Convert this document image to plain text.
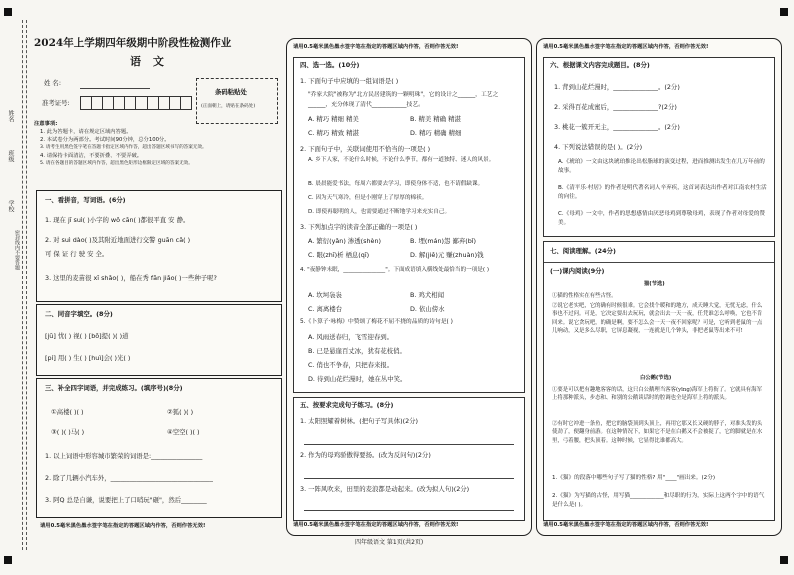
姓名
班级
学校
密封线内不要答题
2024年上学期四年级期中阶段性检测作业
语 文
姓 名:
准考证号:
条码粘贴处
(正面朝上，请贴在条码处)
注意事项:
1. 此为答题卡，请在规定区域内答题。
2. 本试卷分为两部分。考试时间90分钟，总分100分。
3. 请考生用黑色签字笔在答题卡指定区域内作答，超出答题区域书写的答案无效。
4. 请保持卡面清洁，不要折叠、不要弄破。
5. 请在各题目的答题区域内作答，超出黑色矩形边框限定区域的答案无效。
一、看拼音，写词语。(6分)
1. 现在 jī suì( )小字的 wō cān( )都很平直 安 静。
2. 对 suì dào( )及其附近地面进行交警 guān cǎ( )
可 保 证 行 驶 安 全。
3. 这里的麦苗很 xī shǎo( )，船在秀 fān jiǎo( )一些种子呢?
二、同音字填空。(8分)
[jū] 忧( ) 视( ) [bō]提( )( )道
[pí] 用( ) 生( ) [huì]会( )光( )
三、补全四字词语，并完成练习。(填序号)(8分)
①高楼( )( )	②狐( )( )
③( )( )马( )	④空空( )( )
1. 以上词语中形容城市繁荣的词语是:________________
2. 除了几辆小汽车外，________________________________
3. 阿Q 总是自谦，说要把上了口哨玩"砸"，然后________
请用0.5毫米黑色墨水签字笔在指定的答题区域内作答，否则作答无效!
请用0.5毫米黑色墨水签字笔在指定的答题区域内作答，否则作答无效!
四、选一选。(10分)
1. 下面句子中应填的一组词语是( )
"乔家大院"被称为"北方民居建筑的一颗明珠"，它的设计之______，工艺之______，充分体现了清代____________技艺。
A. 精巧 精细 精美	B. 精美 精确 精湛
C. 精巧 精致 精湛	D. 精巧 精确 精细
2. 下面句子中，关联词使用不恰当的一项是( )
A. 乡下人家，不论什么时候，不论什么季节，都有一道独特、迷人的风景。
B. 晨晨能爱书法，每周六都要去学习，即使身体不适，也不请假缺课。
C. 因为天气寒冷，但是小刚穿上了厚厚的棉袄。
D. 即使再聪明的人，也需要通过不断地学习来充实自己。
3. 下列加点字的读音全部正确的一项是( )
A. 繁衍(yǎn) 渗透(shèn)	B. 埋(mán)怨 鄙弃(bǐ)
C. 眼(zhī)析 栖息(qī)	D. 解(jiě)元 赚(zhuàn)钱
4. "夜静钟未眠，_______________"。下面成语填入横线处最恰当的一项是( )
A. 坎坷袅袅	B. 鸡犬相闻
C. 离离楼台	D. 依山傍水
5.《卜算子·咏梅》中赞颂了梅花不屈不挠的品质的诗句是( )
A. 风雨送春归，飞雪迎春到。
B. 已是悬崖百丈冰，犹有花枝俏。
C. 俏也不争春，只把春来报。
D. 待到山花烂漫时，她在丛中笑。
五、按要求完成句子练习。(8分)
1. 太阳照耀着树林。(把句子写具体)(2分)
2. 作为的母鸡骄傲得要扬。(改为反问句)(2分)
3. 一阵风吹来，田里的麦浪都是动起来。(改为拟人句)(2分)
请用0.5毫米黑色墨水签字笔在指定的答题区域内作答，否则作答无效!
请用0.5毫米黑色墨水签字笔在指定的答题区域内作答，否则作答无效!
六、根据课文内容完成题目。(8分)
1. 背到山花烂漫时，______________。(2分)
2. 采得百花成蜜后，______________?(2分)
3. 桃花一簇开无主，______________。(2分)
4. 下列说法错误的是( )。(2分)
A.《琥珀》一文由这块琥珀推论出松脂球的演变过程，进而推测出发生在几万年前的故事。
B.《清平乐·村居》的作者是明代著名词人辛弃疾，这首词表达出作者对江南农村生活的向往。
C.《母鸡》一文中，作者的思想感情由厌恶母鸡到尊敬母鸡，表现了作者对母爱的赞美。
七、阅读理解。(24分)
(一)课内阅读(9分)
猫(节选)
①猫的性格实在有些古怪。
②说它老实吧，它的确有时候很乖。它会找个暖和的地方，成天睡大觉，无忧无虑，什么事也不过问。可是，它决定要出去玩玩，就会出去一天一夜，任凭谁怎么呼唤，它也不肯回来。说它贪玩吧，的确是啊，要不怎么会一天一夜不回家呢？可是，它听到老鼠的一点儿响动，又是多么尽职，它屏息凝视，一连就是几个钟头，非把老鼠等出来不可!
白公鹅(节选)
①要是可以把有趣地客客的话，这只白公鹅理当客客(yīng)海军上将衔了。它就具有海军上将那种派头，步态和、和别的公鹅谈话时的腔调也全是海军上将的派头。
②有时它冲进一条鱼，把它的脑袋顶到头顶上，再用它那又长又硬的脖子，对准头发的头使劲了，便翻身前游。在这种情况下，如果它不是在白鹅又不会被捉了，它的脚就是在水里，弓着腰，把头顶着。这种时候，它显得比谁都高大。
1.《猫》的段落中哪些句子写了猫的性格? 用"____"画出来。(2分)
2.《猫》为写猫的古怪，用写猫____________和尽职的行为，实际上这两个字中的语气是什么是( )。
请用0.5毫米黑色墨水签字笔在指定的答题区域内作答，否则作答无效!
四年级语文 第1页(共2页)
